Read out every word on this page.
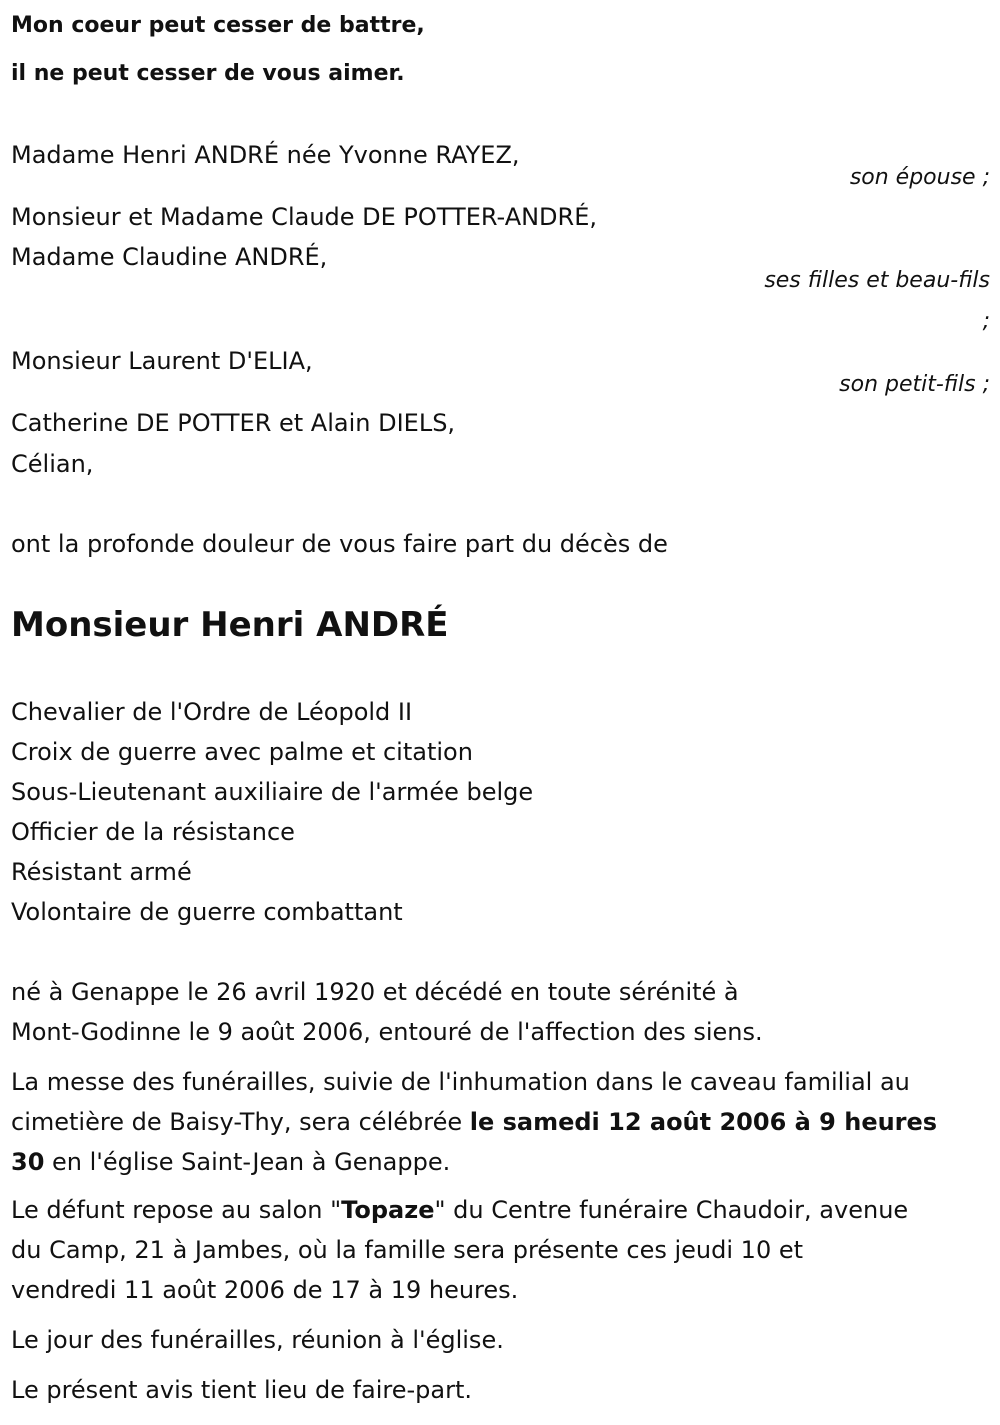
Mon coeur peut cesser de battre,
il ne peut cesser de vous aimer.
Madame Henri ANDRÉ née Yvonne RAYEZ,
son épouse ;
Monsieur et Madame Claude DE POTTER-ANDRÉ,
Madame Claudine ANDRÉ,
ses filles et beau-fils
;
Monsieur Laurent D'ELIA,
son petit-fils ;
Catherine DE POTTER et Alain DIELS,
Célian,
ont la profonde douleur de vous faire part du décès de
Monsieur Henri ANDRÉ
Chevalier de l'Ordre de Léopold II
Croix de guerre avec palme et citation
Sous-Lieutenant auxiliaire de l'armée belge
Officier de la résistance
Résistant armé
Volontaire de guerre combattant
né à Genappe le 26 avril 1920 et décédé en toute sérénité à
Mont-Godinne le 9 août 2006, entouré de l'affection des siens.
La messe des funérailles, suivie de l'inhumation dans le caveau familial au
cimetière de Baisy-Thy, sera célébrée le samedi 12 août 2006 à 9 heures
30 en l'église Saint-Jean à Genappe.
Le défunt repose au salon "Topaze" du Centre funéraire Chaudoir, avenue
du Camp, 21 à Jambes, où la famille sera présente ces jeudi 10 et
vendredi 11 août 2006 de 17 à 19 heures.
Le jour des funérailles, réunion à l'église.
Le présent avis tient lieu de faire-part.
